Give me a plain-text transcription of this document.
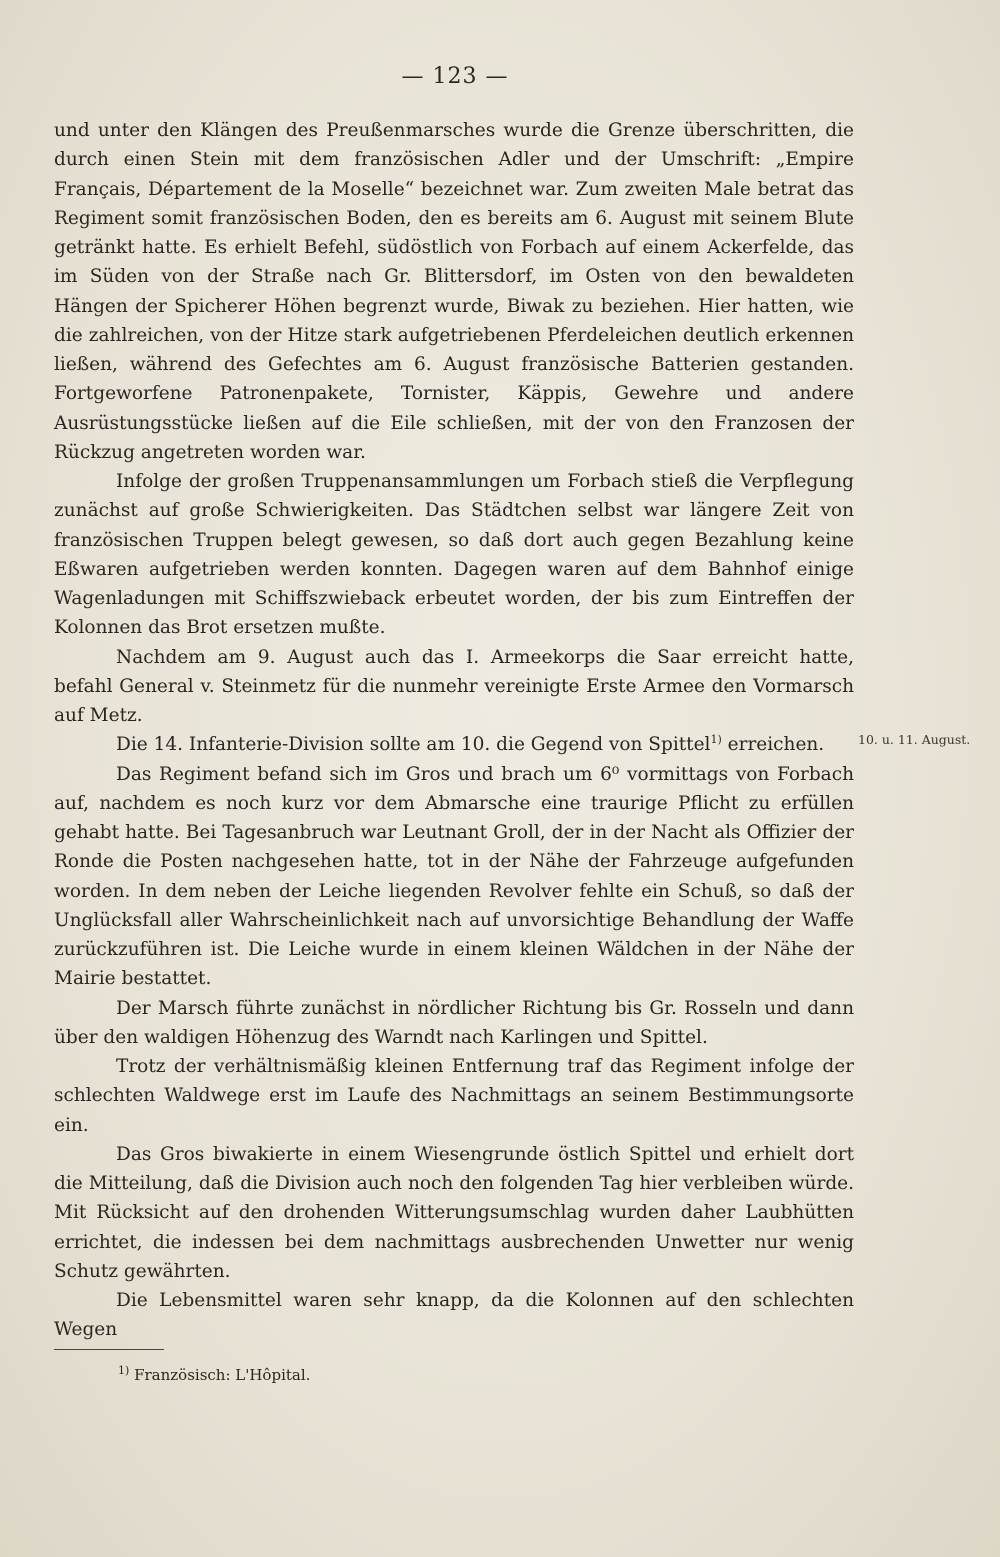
— 123 —

und unter den Klängen des Preußenmarsches wurde die Grenze überschritten, die durch einen Stein mit dem französischen Adler und der Umschrift: „Empire Français, Département de la Moselle“ bezeichnet war. Zum zweiten Male betrat das Regiment somit französischen Boden, den es bereits am 6. August mit seinem Blute getränkt hatte. Es erhielt Befehl, südöstlich von Forbach auf einem Ackerfelde, das im Süden von der Straße nach Gr. Blittersdorf, im Osten von den bewaldeten Hängen der Spicherer Höhen begrenzt wurde, Biwak zu beziehen. Hier hatten, wie die zahlreichen, von der Hitze stark aufgetriebenen Pferdeleichen deutlich erkennen ließen, während des Gefechtes am 6. August französische Batterien gestanden. Fortgeworfene Patronenpakete, Tornister, Käppis, Gewehre und andere Ausrüstungsstücke ließen auf die Eile schließen, mit der von den Franzosen der Rückzug angetreten worden war.

Infolge der großen Truppenansammlungen um Forbach stieß die Verpflegung zunächst auf große Schwierigkeiten. Das Städtchen selbst war längere Zeit von französischen Truppen belegt gewesen, so daß dort auch gegen Bezahlung keine Eßwaren aufgetrieben werden konnten. Dagegen waren auf dem Bahnhof einige Wagenladungen mit Schiffszwieback erbeutet worden, der bis zum Eintreffen der Kolonnen das Brot ersetzen mußte.

Nachdem am 9. August auch das I. Armeekorps die Saar erreicht hatte, befahl General v. Steinmetz für die nunmehr vereinigte Erste Armee den Vormarsch auf Metz.

Die 14. Infanterie-Division sollte am 10. die Gegend von Spittel$^{1)}$ erreichen.

Das Regiment befand sich im Gros und brach um 6⁰ vormittags von Forbach auf, nachdem es noch kurz vor dem Abmarsche eine traurige Pflicht zu erfüllen gehabt hatte. Bei Tagesanbruch war Leutnant Groll, der in der Nacht als Offizier der Ronde die Posten nachgesehen hatte, tot in der Nähe der Fahrzeuge aufgefunden worden. In dem neben der Leiche liegenden Revolver fehlte ein Schuß, so daß der Unglücksfall aller Wahrscheinlichkeit nach auf unvorsichtige Behandlung der Waffe zurückzuführen ist. Die Leiche wurde in einem kleinen Wäldchen in der Nähe der Mairie bestattet.

Der Marsch führte zunächst in nördlicher Richtung bis Gr. Rosseln und dann über den waldigen Höhenzug des Warndt nach Karlingen und Spittel.

Trotz der verhältnismäßig kleinen Entfernung traf das Regiment infolge der schlechten Waldwege erst im Laufe des Nachmittags an seinem Bestimmungsorte ein.

Das Gros biwakierte in einem Wiesengrunde östlich Spittel und erhielt dort die Mitteilung, daß die Division auch noch den folgenden Tag hier verbleiben würde. Mit Rücksicht auf den drohenden Witterungsumschlag wurden daher Laubhütten errichtet, die indessen bei dem nachmittags ausbrechenden Unwetter nur wenig Schutz gewährten.

Die Lebensmittel waren sehr knapp, da die Kolonnen auf den schlechten Wegen

10. u. 11. August.
$^{1)}$ Französisch: L'Hôpital.
